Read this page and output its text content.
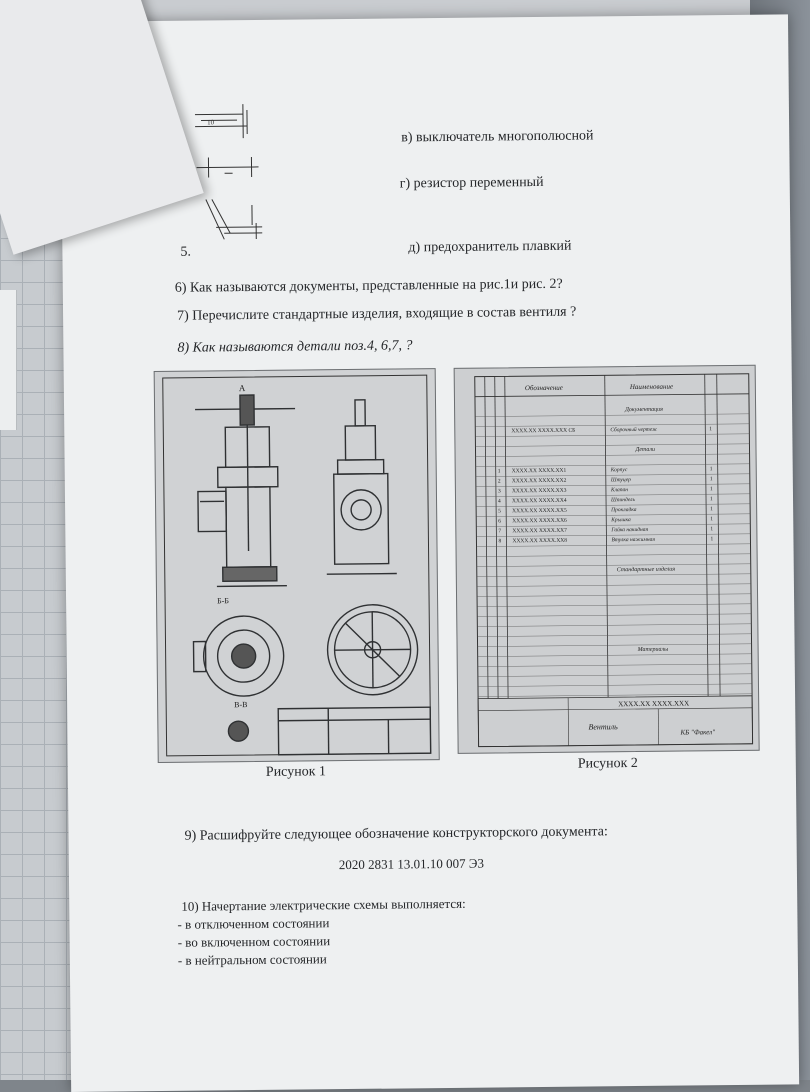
10
5.
в) выключатель многополюсной
г) резистор переменный
д) предохранитель плавкий
6) Как называются документы, представленные на рис.1и рис. 2?
7) Перечислите стандартные изделия, входящие в состав вентиля ?
8) Как называются детали поз.4, 6,7, ?
А
Б-Б
В-В
Обозначение	Наименование
Документация
XXXX.XX XXXX.XXX СБ	Сборочный чертеж	1
Детали
1 XXXX.XX XXXX.XX1	Корпус	1
2 XXXX.XX XXXX.XX2	Штуцер	1
3 XXXX.XX XXXX.XX3	Клапан	1
4 XXXX.XX XXXX.XX4	Шпиндель	1
5 XXXX.XX XXXX.XX5	Прокладка	1
6 XXXX.XX XXXX.XX6	Крышка	1
7 XXXX.XX XXXX.XX7	Гайка накидная	1
8 XXXX.XX XXXX.XX8	Втулка нажимная	1
Стандартные изделия
Материалы
XXXX.XX XXXX.XXX
Вентиль
КБ "Факел"
Рисунок 1
Рисунок 2
9) Расшифруйте следующее обозначение конструкторского документа:
2020 2831 13.01.10 007 Э3
10) Начертание электрические схемы выполняется:
- в отключенном состоянии
- во включенном состоянии
- в нейтральном состоянии
